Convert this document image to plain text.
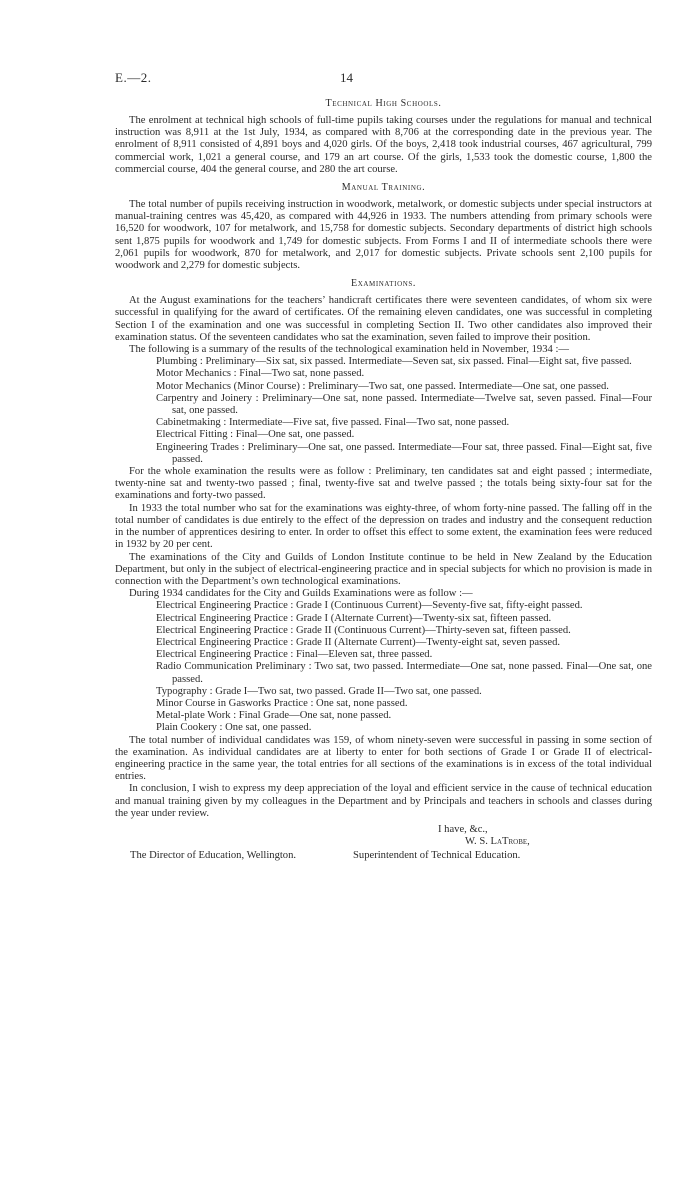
E.—2.	14
Technical High Schools.

The enrolment at technical high schools of full-time pupils taking courses under the regulations for manual and technical instruction was 8,911 at the 1st July, 1934, as compared with 8,706 at the corresponding date in the previous year. The enrolment of 8,911 consisted of 4,891 boys and 4,020 girls. Of the boys, 2,418 took industrial courses, 467 agricultural, 799 commercial work, 1,021 a general course, and 179 an art course. Of the girls, 1,533 took the domestic course, 1,800 the commercial course, 404 the general course, and 280 the art course.

Manual Training.

The total number of pupils receiving instruction in woodwork, metalwork, or domestic subjects under special instructors at manual-training centres was 45,420, as compared with 44,926 in 1933. The numbers attending from primary schools were 16,520 for woodwork, 107 for metalwork, and 15,758 for domestic subjects. Secondary departments of district high schools sent 1,875 pupils for woodwork and 1,749 for domestic subjects. From Forms I and II of intermediate schools there were 2,061 pupils for woodwork, 870 for metalwork, and 2,017 for domestic subjects. Private schools sent 2,100 pupils for woodwork and 2,279 for domestic subjects.

Examinations.

At the August examinations for the teachers’ handicraft certificates there were seventeen candidates, of whom six were successful in qualifying for the award of certificates. Of the remaining eleven candidates, one was successful in completing Section I of the examination and one was successful in completing Section II. Two other candidates also improved their examination status. Of the seventeen candidates who sat the examination, seven failed to improve their position.

The following is a summary of the results of the technological examination held in November, 1934 :—

Plumbing : Preliminary—Six sat, six passed. Intermediate—Seven sat, six passed. Final—Eight sat, five passed.
Motor Mechanics : Final—Two sat, none passed.
Motor Mechanics (Minor Course) : Preliminary—Two sat, one passed. Intermediate—One sat, one passed.
Carpentry and Joinery : Preliminary—One sat, none passed. Intermediate—Twelve sat, seven passed. Final—Four sat, one passed.
Cabinetmaking : Intermediate—Five sat, five passed. Final—Two sat, none passed.
Electrical Fitting : Final—One sat, one passed.
Engineering Trades : Preliminary—One sat, one passed. Intermediate—Four sat, three passed. Final—Eight sat, five passed.

For the whole examination the results were as follow : Preliminary, ten candidates sat and eight passed ; intermediate, twenty-nine sat and twenty-two passed ; final, twenty-five sat and twelve passed ; the totals being sixty-four sat for the examinations and forty-two passed.

In 1933 the total number who sat for the examinations was eighty-three, of whom forty-nine passed. The falling off in the total number of candidates is due entirely to the effect of the depression on trades and industry and the consequent reduction in the number of apprentices desiring to enter. In order to offset this effect to some extent, the examination fees were reduced in 1932 by 20 per cent.

The examinations of the City and Guilds of London Institute continue to be held in New Zealand by the Education Department, but only in the subject of electrical-engineering practice and in special subjects for which no provision is made in connection with the Department’s own technological examinations.

During 1934 candidates for the City and Guilds Examinations were as follow :—

Electrical Engineering Practice : Grade I (Continuous Current)—Seventy-five sat, fifty-eight passed.
Electrical Engineering Practice : Grade I (Alternate Current)—Twenty-six sat, fifteen passed.
Electrical Engineering Practice : Grade II (Continuous Current)—Thirty-seven sat, fifteen passed.
Electrical Engineering Practice : Grade II (Alternate Current)—Twenty-eight sat, seven passed.
Electrical Engineering Practice : Final—Eleven sat, three passed.
Radio Communication Preliminary : Two sat, two passed. Intermediate—One sat, none passed. Final—One sat, one passed.
Typography : Grade I—Two sat, two passed. Grade II—Two sat, one passed.
Minor Course in Gasworks Practice : One sat, none passed.
Metal-plate Work : Final Grade—One sat, none passed.
Plain Cookery : One sat, one passed.

The total number of individual candidates was 159, of whom ninety-seven were successful in passing in some section of the examination. As individual candidates are at liberty to enter for both sections of Grade I or Grade II of electrical-engineering practice in the same year, the total entries for all sections of the examinations is in excess of the total individual entries.

In conclusion, I wish to express my deep appreciation of the loyal and efficient service in the cause of technical education and manual training given by my colleagues in the Department and by Principals and teachers in schools and classes during the year under review.

I have, &c.,
W. S. LaTrobe,
Superintendent of Technical Education.
The Director of Education, Wellington.
